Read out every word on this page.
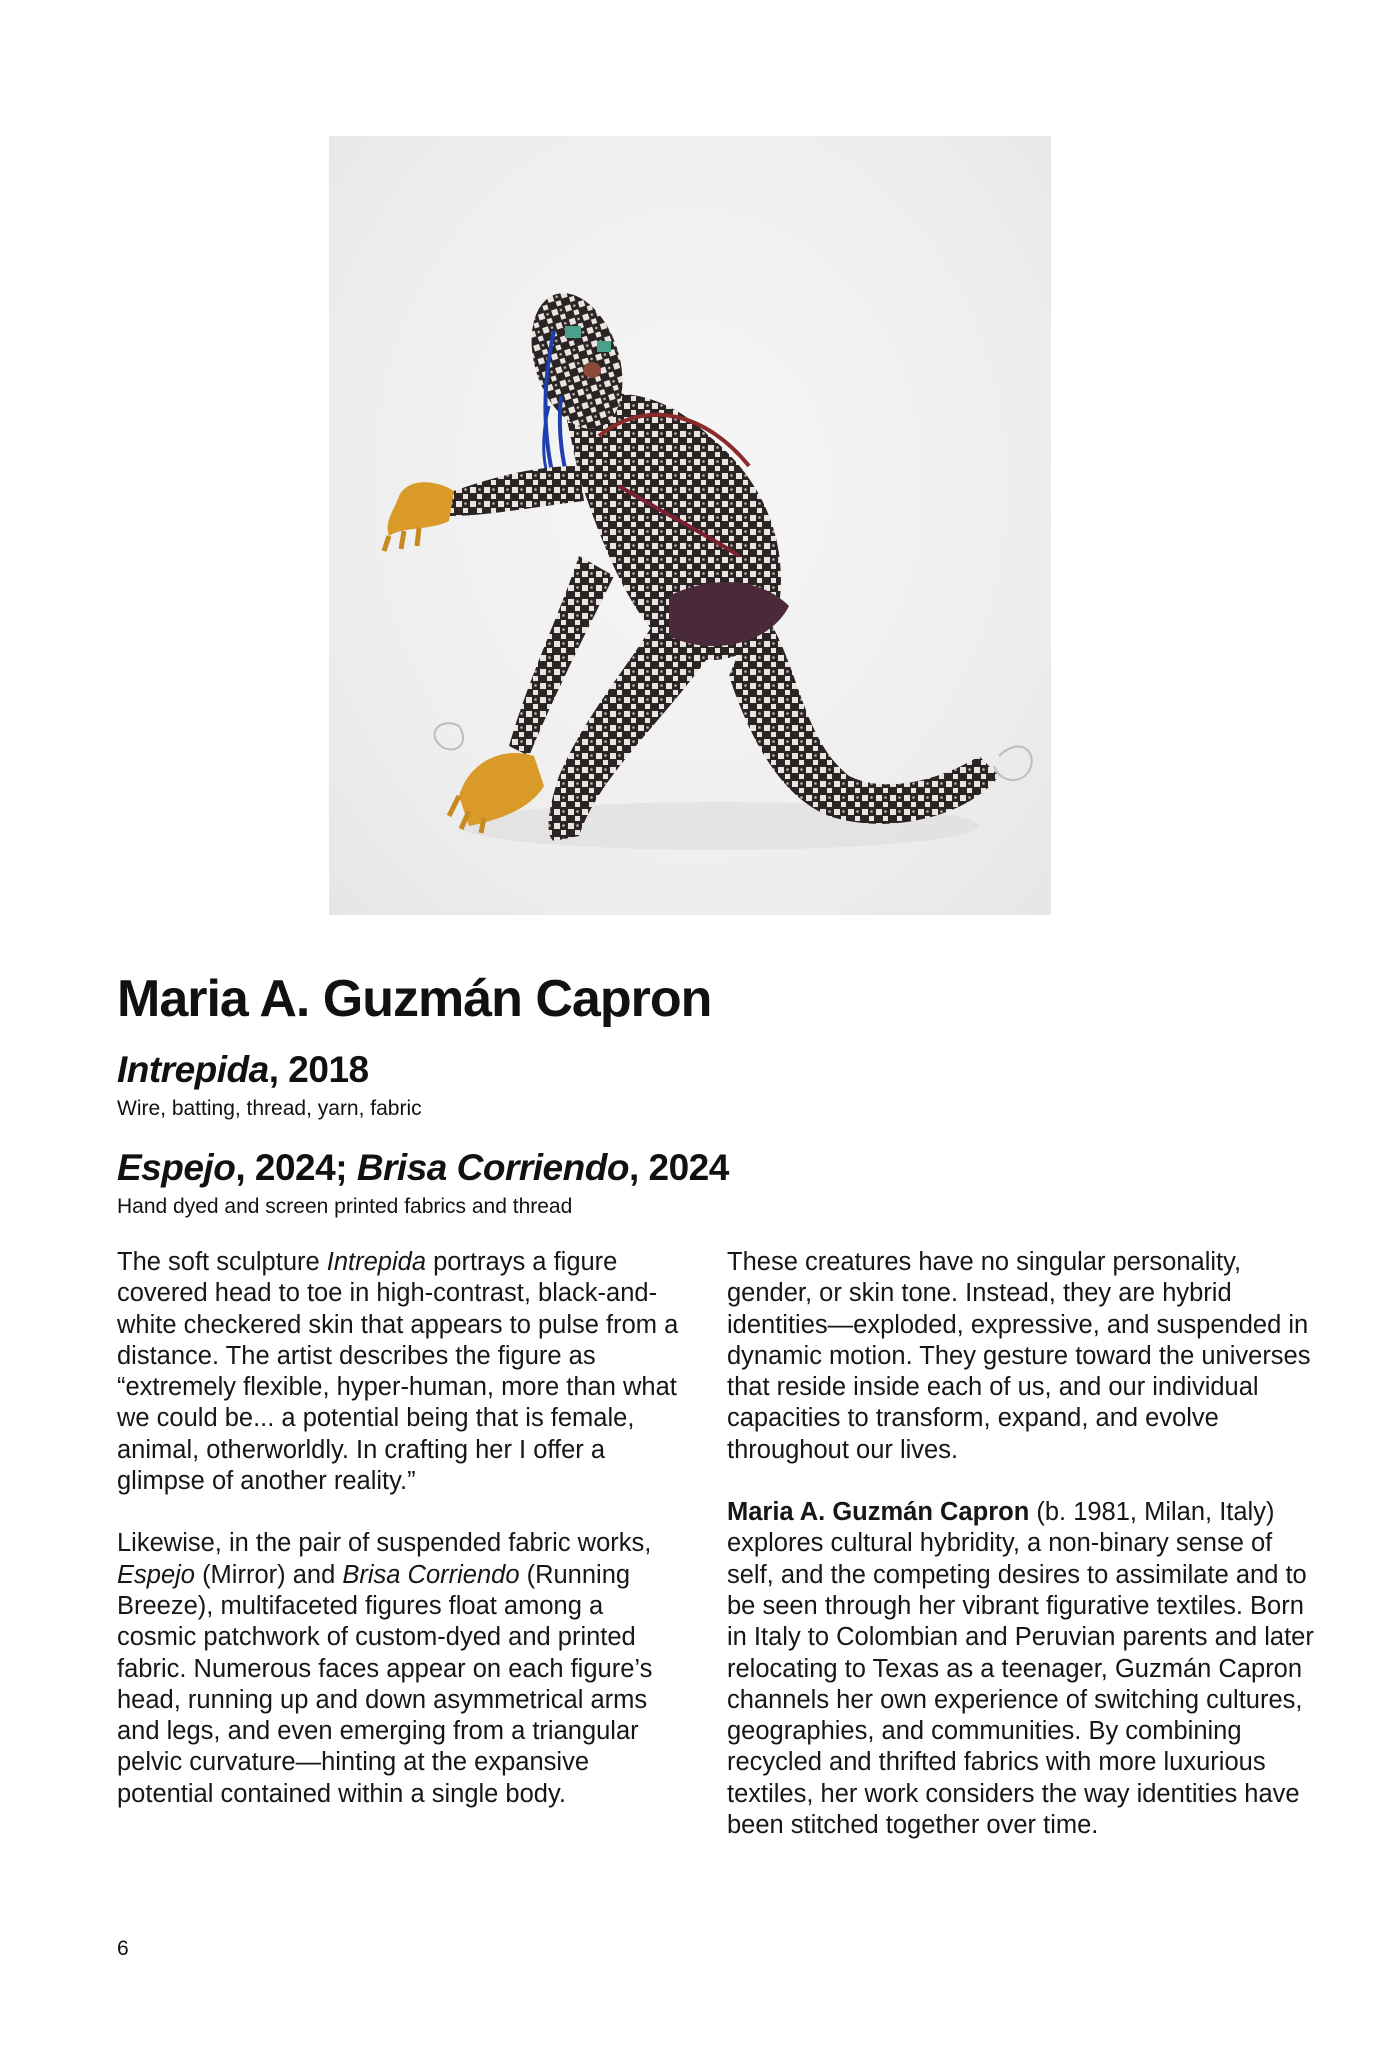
Maria A. Guzmán Capron
Intrepida, 2018

Wire, batting, thread, yarn, fabric

Espejo, 2024; Brisa Corriendo, 2024

Hand dyed and screen printed fabrics and thread

The soft sculpture Intrepida portrays a figure covered head to toe in high-contrast, black-and-white checkered skin that appears to pulse from a distance. The artist describes the figure as “extremely flexible, hyper-human, more than what we could be... a potential being that is female, animal, otherworldly. In crafting her I offer a glimpse of another reality.”

Likewise, in the pair of suspended fabric works, Espejo (Mirror) and Brisa Corriendo (Running Breeze), multifaceted figures float among a cosmic patchwork of custom-dyed and printed fabric. Numerous faces appear on each figure’s head, running up and down asymmetrical arms and legs, and even emerging from a triangular pelvic curvature—hinting at the expansive potential contained within a single body.

These creatures have no singular personality, gender, or skin tone. Instead, they are hybrid identities—exploded, expressive, and suspended in dynamic motion. They gesture toward the universes that reside inside each of us, and our individual capacities to transform, expand, and evolve throughout our lives.

Maria A. Guzmán Capron (b. 1981, Milan, Italy) explores cultural hybridity, a non-binary sense of self, and the competing desires to assimilate and to be seen through her vibrant figurative textiles. Born in Italy to Colombian and Peruvian parents and later relocating to Texas as a teenager, Guzmán Capron channels her own experience of switching cultures, geographies, and communities. By combining recycled and thrifted fabrics with more luxurious textiles, her work considers the way identities have been stitched together over time.

6
